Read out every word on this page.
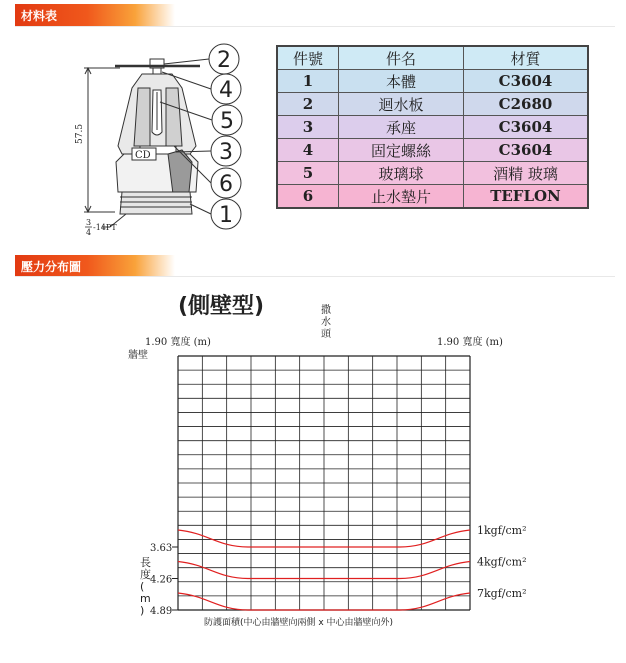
材料表
CD
57.5
3
4
-14PT
2
4
5
3
6
1
件號	件名	材質
1	本體	C3604
2	迴水板	C2680
3	承座	C3604
4	固定螺絲	C3604
5	玻璃球	酒精 玻璃
6	止水墊片	TEFLON
壓力分布圖
(側壁型)	撒水頭
1.90 寬度 (m)	1.90 寬度 (m)
牆壁
3.63
4.26
4.89
1kgf/cm²
4kgf/cm²
7kgf/cm²
長度( m )
防護面積(中心由牆壁向兩側 x 中心由牆壁向外)
